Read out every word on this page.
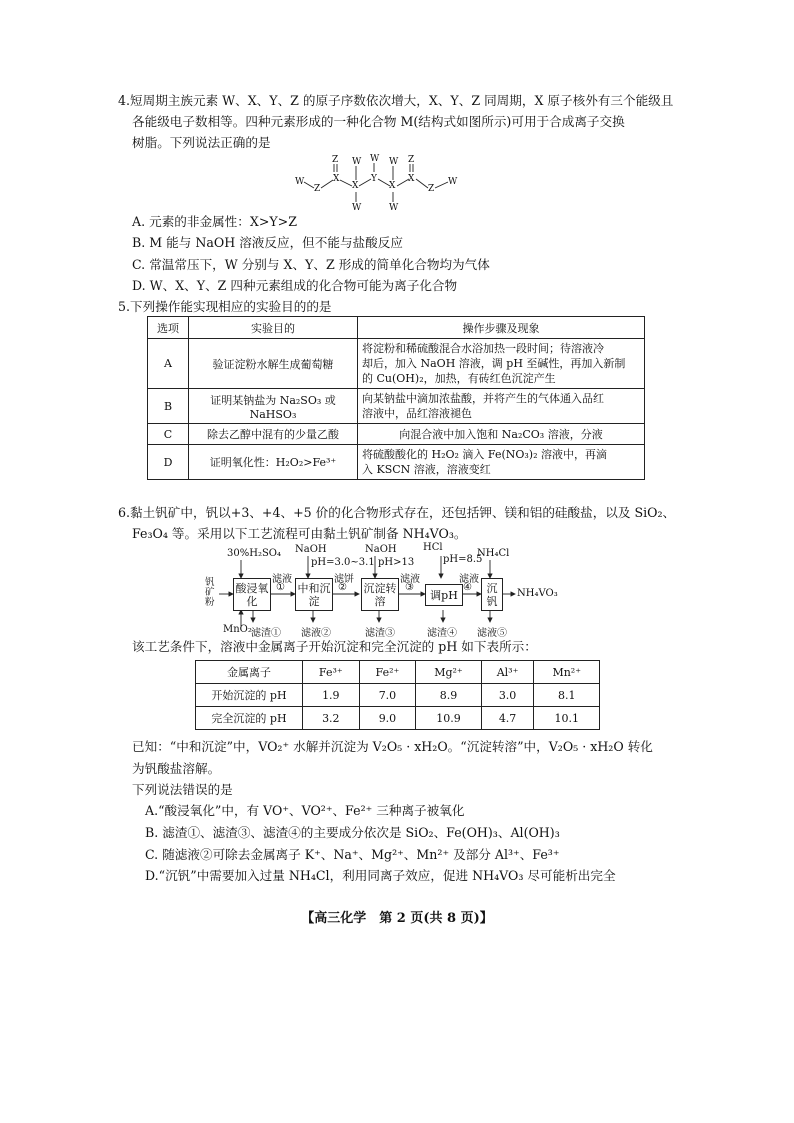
4.短周期主族元素 W、X、Y、Z 的原子序数依次增大，X、Y、Z 同周期，X 原子核外有三个能级且
各能级电子数相等。四种元素形成的一种化合物 M(结构式如图所示)可用于合成离子交换
树脂。下列说法正确的是
W
Z
Z
X
W
X
W
W
Y
W
X
W
Z
X
Z
W
A. 元素的非金属性：X>Y>Z
B. M 能与 NaOH 溶液反应，但不能与盐酸反应
C. 常温常压下，W 分别与 X、Y、Z 形成的简单化合物均为气体
D. W、X、Y、Z 四种元素组成的化合物可能为离子化合物
5.下列操作能实现相应的实验目的的是
选项	实验目的	操作步骤及现象
A	验证淀粉水解生成葡萄糖	将淀粉和稀硫酸混合水浴加热一段时间；待溶液冷
却后，加入 NaOH 溶液，调 pH 至碱性，再加入新制
的 Cu(OH)₂，加热，有砖红色沉淀产生

B	证明某钠盐为 Na₂SO₃ 或 NaHSO₃	向某钠盐中滴加浓盐酸，并将产生的气体通入品红
溶液中，品红溶液褪色

C	除去乙醇中混有的少量乙酸	向混合液中加入饱和 Na₂CO₃ 溶液，分液

D	证明氧化性：H₂O₂>Fe³⁺	将硫酸酸化的 H₂O₂ 滴入 Fe(NO₃)₂ 溶液中，再滴
入 KSCN 溶液，溶液变红
6.黏土钒矿中，钒以+3、+4、+5 价的化合物形式存在，还包括钾、镁和铝的硅酸盐，以及 SiO₂、
Fe₃O₄ 等。采用以下工艺流程可由黏土钒矿制备 NH₄VO₃。
钒矿粉
30%H₂SO₄ NaOH	NaOH	HCl
NH₄Cl
pH=3.0~3.1 pH>13	pH=8.5
酸浸氧化
中和沉淀
沉淀转溶	调pH
沉钒
滤液
①
滤饼
②
滤液
③
滤液
④
NH₄VO₃
MnO₂ 滤渣① 滤液②	滤渣③	滤渣④ 滤液⑤
该工艺条件下，溶液中金属离子开始沉淀和完全沉淀的 pH 如下表所示：
金属离子	Fe³⁺	Fe²⁺	Mg²⁺	Al³⁺	Mn²⁺
开始沉淀的 pH	1.9	7.0	8.9	3.0	8.1
完全沉淀的 pH	3.2	9.0	10.9	4.7	10.1
已知：“中和沉淀”中，VO₂⁺ 水解并沉淀为 V₂O₅ · xH₂O。“沉淀转溶”中，V₂O₅ · xH₂O 转化
为钒酸盐溶解。
下列说法错误的是
A.“酸浸氧化”中，有 VO⁺、VO²⁺、Fe²⁺ 三种离子被氧化
B. 滤渣①、滤渣③、滤渣④的主要成分依次是 SiO₂、Fe(OH)₃、Al(OH)₃
C. 随滤液②可除去金属离子 K⁺、Na⁺、Mg²⁺、Mn²⁺ 及部分 Al³⁺、Fe³⁺
D.“沉钒”中需要加入过量 NH₄Cl，利用同离子效应，促进 NH₄VO₃ 尽可能析出完全
【高三化学　第 2 页(共 8 页)】
